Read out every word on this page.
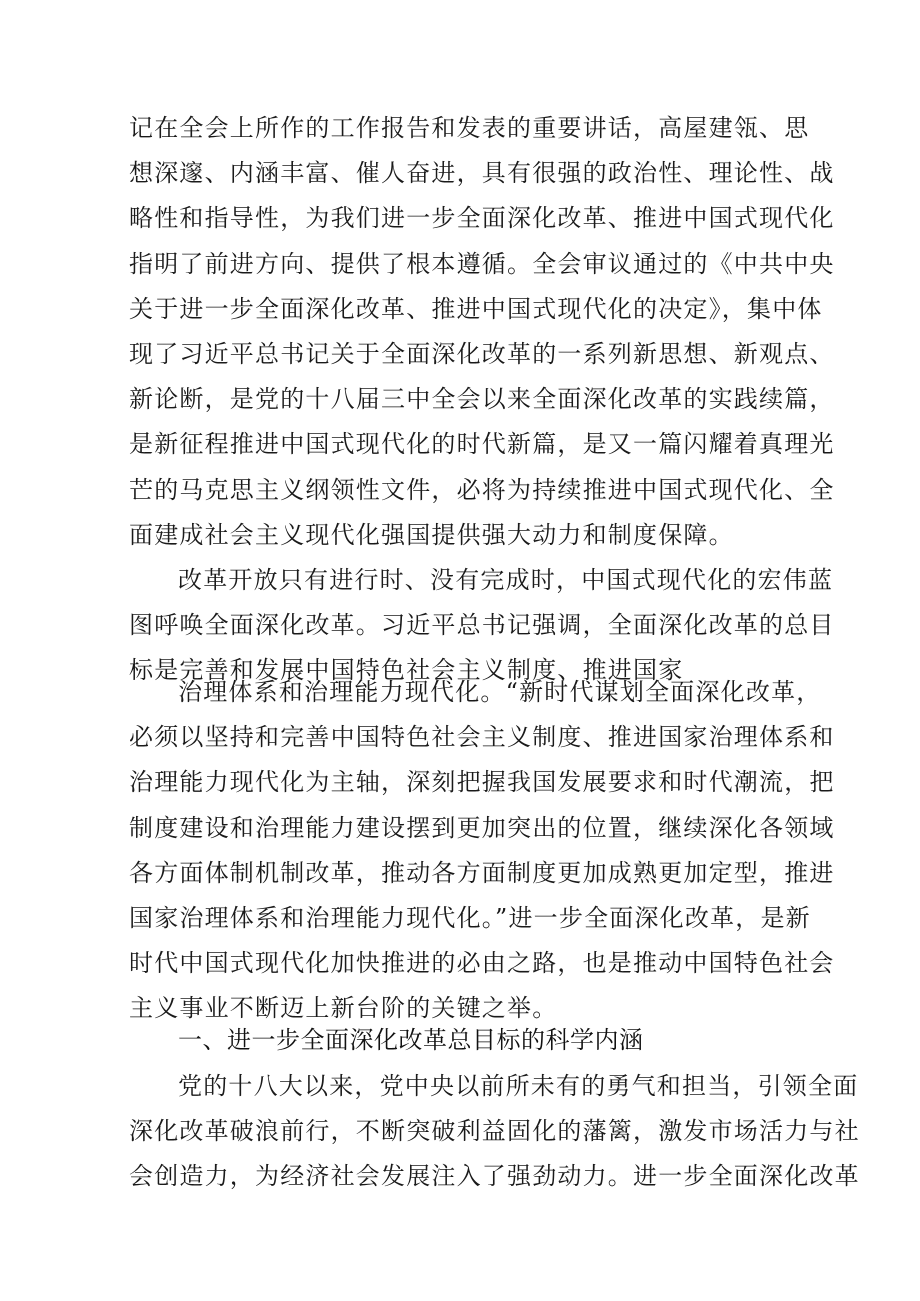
记在全会上所作的工作报告和发表的重要讲话，高屋建瓴、思
想深邃、内涵丰富、催人奋进，具有很强的政治性、理论性、战
略性和指导性，为我们进一步全面深化改革、推进中国式现代化
指明了前进方向、提供了根本遵循。全会审议通过的《中共中央
关于进一步全面深化改革、推进中国式现代化的决定》，集中体
现了习近平总书记关于全面深化改革的一系列新思想、新观点、
新论断，是党的十八届三中全会以来全面深化改革的实践续篇，
是新征程推进中国式现代化的时代新篇，是又一篇闪耀着真理光
芒的马克思主义纲领性文件，必将为持续推进中国式现代化、全
面建成社会主义现代化强国提供强大动力和制度保障。
改革开放只有进行时、没有完成时，中国式现代化的宏伟蓝
图呼唤全面深化改革。习近平总书记强调，全面深化改革的总目
标是完善和发展中国特色社会主义制度、推进国家
治理体系和治理能力现代化。“新时代谋划全面深化改革，
必须以坚持和完善中国特色社会主义制度、推进国家治理体系和
治理能力现代化为主轴，深刻把握我国发展要求和时代潮流，把
制度建设和治理能力建设摆到更加突出的位置，继续深化各领域
各方面体制机制改革，推动各方面制度更加成熟更加定型，推进
国家治理体系和治理能力现代化。”进一步全面深化改革，是新
时代中国式现代化加快推进的必由之路，也是推动中国特色社会
主义事业不断迈上新台阶的关键之举。
一、进一步全面深化改革总目标的科学内涵
党的十八大以来，党中央以前所未有的勇气和担当，引领全面
深化改革破浪前行，不断突破利益固化的藩篱，激发市场活力与社
会创造力，为经济社会发展注入了强劲动力。进一步全面深化改革
